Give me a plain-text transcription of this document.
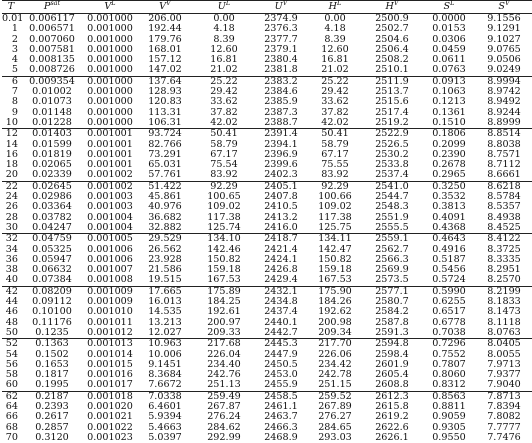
T	$P^{sat}$	$V^L$	$V^V$	$U^L$	$U^V$	$H^L$	$H^V$	$S^L$	$S^V$
0.01	0.006117	0.001000	206.00	0.00	2374.9	0.00	2500.9	0.0000	9.1556
1	0.006571	0.001000	192.44	4.18	2376.3	4.18	2502.7	0.0153	9.1291
2	0.007060	0.001000	179.76	8.39	2377.7	8.39	2504.6	0.0306	9.1027
3	0.007581	0.001000	168.01	12.60	2379.1	12.60	2506.4	0.0459	9.0765
4	0.008135	0.001000	157.12	16.81	2380.4	16.81	2508.2	0.0611	9.0506
5	0.008726	0.001000	147.02	21.02	2381.8	21.02	2510.1	0.0763	9.0249
6	0.009354	0.001000	137.64	25.22	2383.2	25.22	2511.9	0.0913	8.9994
7	0.01002	0.001000	128.93	29.42	2384.6	29.42	2513.7	0.1063	8.9742
8	0.01073	0.001000	120.83	33.62	2385.9	33.62	2515.6	0.1213	8.9492
9	0.01148	0.001000	113.31	37.82	2387.3	37.82	2517.4	0.1361	8.9244
10	0.01228	0.001000	106.31	42.02	2388.7	42.02	2519.2	0.1510	8.8999
12	0.01403	0.001001	93.724	50.41	2391.4	50.41	2522.9	0.1806	8.8514
14	0.01599	0.001001	82.766	58.79	2394.1	58.79	2526.5	0.2099	8.8038
16	0.01819	0.001001	73.291	67.17	2396.9	67.17	2530.2	0.2390	8.7571
18	0.02065	0.001001	65.031	75.54	2399.6	75.55	2533.8	0.2678	8.7112
20	0.02339	0.001002	57.761	83.92	2402.3	83.92	2537.4	0.2965	8.6661
22	0.02645	0.001002	51.422	92.29	2405.1	92.29	2541.0	0.3250	8.6218
24	0.02986	0.001003	45.861	100.65	2407.8	100.66	2544.7	0.3532	8.5784
26	0.03364	0.001003	40.976	109.02	2410.5	109.02	2548.3	0.3813	8.5357
28	0.03782	0.001004	36.682	117.38	2413.2	117.38	2551.9	0.4091	8.4938
30	0.04247	0.001004	32.882	125.74	2416.0	125.75	2555.5	0.4368	8.4525
32	0.04759	0.001005	29.529	134.10	2418.7	134.11	2559.1	0.4643	8.4122
34	0.05325	0.001006	26.562	142.46	2421.4	142.47	2562.7	0.4916	8.3725
36	0.05947	0.001006	23.928	150.82	2424.1	150.82	2566.3	0.5187	8.3335
38	0.06632	0.001007	21.586	159.18	2426.8	159.18	2569.9	0.5456	8.2951
40	0.07384	0.001008	19.515	167.53	2429.4	167.53	2573.5	0.5724	8.2570
42	0.08209	0.001009	17.665	175.89	2432.1	175.90	2577.1	0.5990	8.2199
44	0.09112	0.001009	16.013	184.25	2434.8	184.26	2580.7	0.6255	8.1833
46	0.10100	0.001010	14.535	192.61	2437.4	192.62	2584.2	0.6517	8.1473
48	0.11176	0.001011	13.213	200.97	2440.1	200.98	2587.8	0.6778	8.1118
50	0.1235	0.001012	12.027	209.33	2442.7	209.34	2591.3	0.7038	8.0763
52	0.1363	0.001013	10.963	217.68	2445.3	217.70	2594.8	0.7296	8.0405
54	0.1502	0.001014	10.006	226.04	2447.9	226.06	2598.4	0.7552	8.0055
56	0.1653	0.001015	9.1451	234.40	2450.5	234.42	2601.9	0.7807	7.9713
58	0.1817	0.001016	8.3684	242.76	2453.0	242.78	2605.4	0.8060	7.9377
60	0.1995	0.001017	7.6672	251.13	2455.9	251.15	2608.8	0.8312	7.9040
62	0.2187	0.001018	7.0338	259.49	2458.5	259.52	2612.3	0.8563	7.8713
64	0.2393	0.001020	6.4601	267.87	2461.1	267.89	2615.8	0.8811	7.8394
66	0.2617	0.001021	5.9394	276.24	2463.7	276.27	2619.2	0.9059	7.8082
68	0.2857	0.001022	5.4663	284.62	2466.3	284.65	2622.6	0.9305	7.7777
70	0.3120	0.001023	5.0397	292.99	2468.9	293.03	2626.1	0.9550	7.7476
